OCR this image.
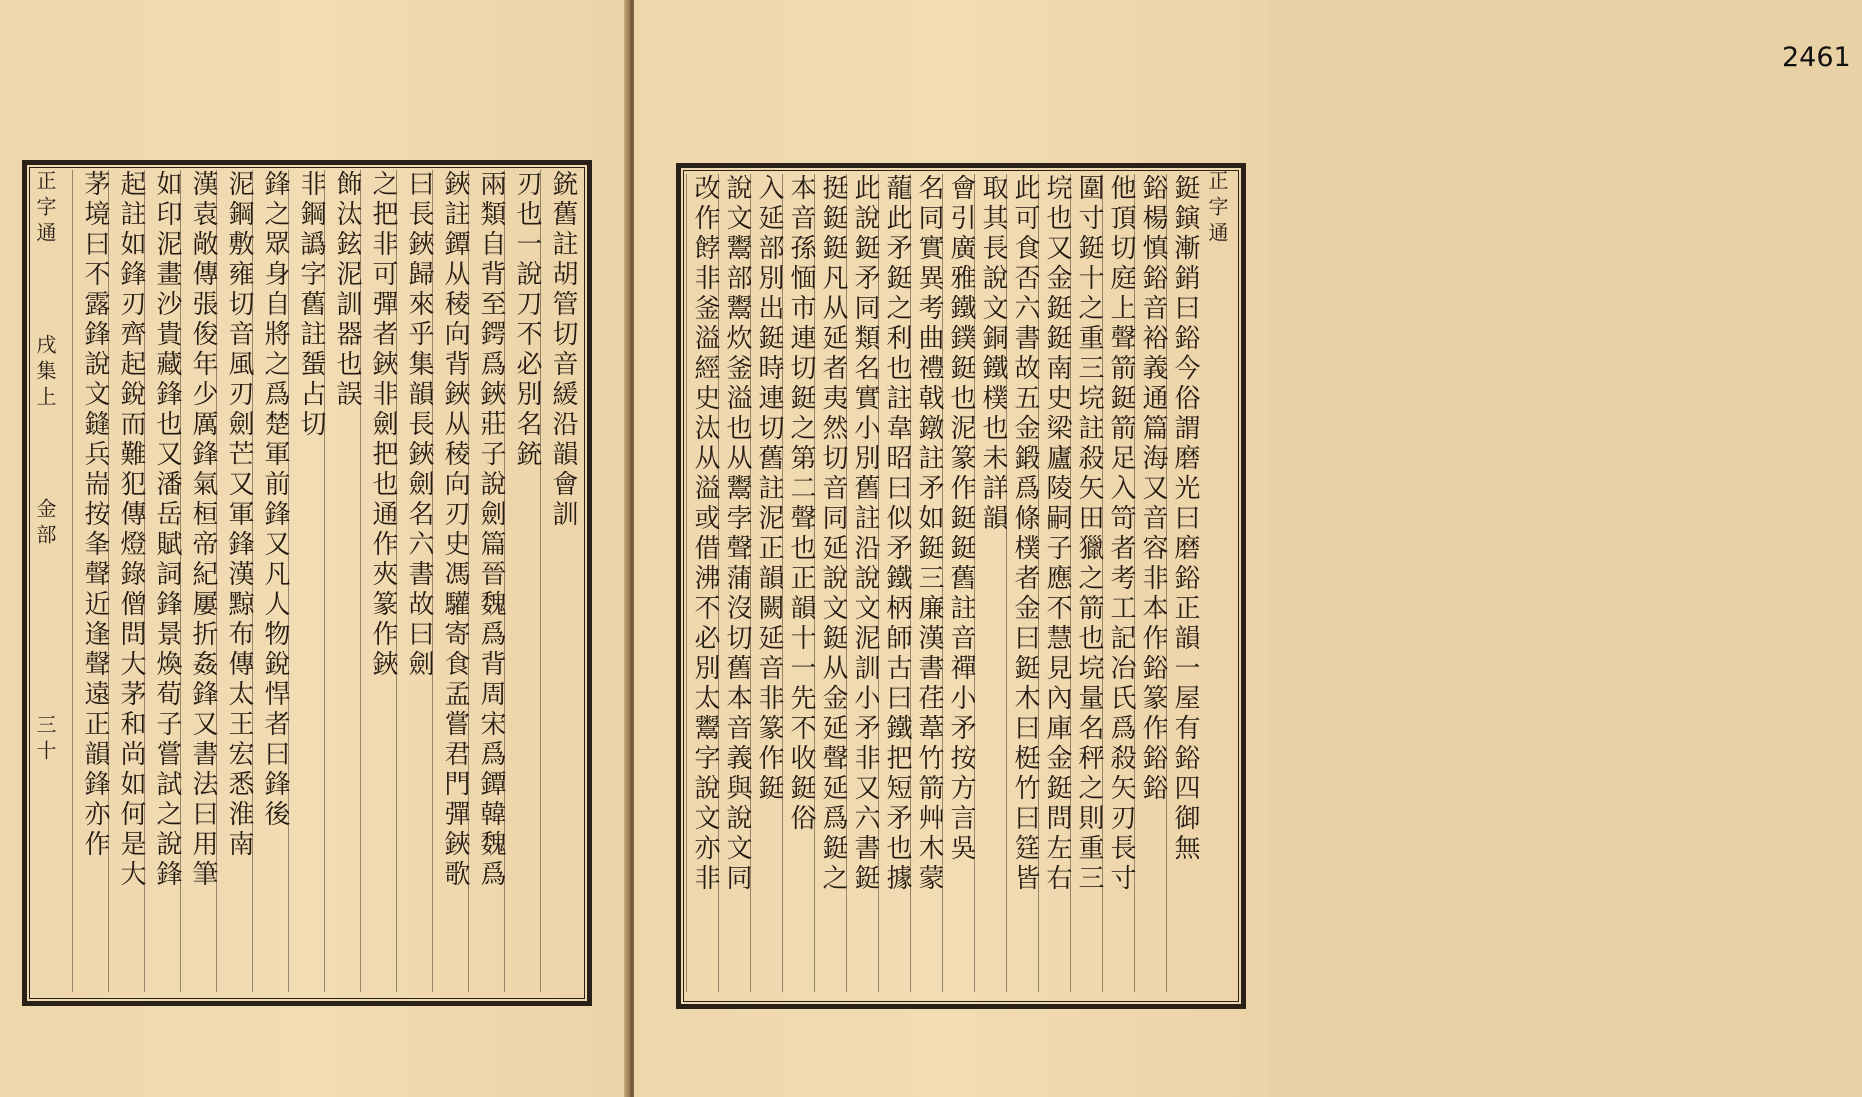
銃舊註胡管切音緩沿韻會訓
刃也一說刀不必別名銃
兩類自背至鍔爲鋏莊子說劍篇晉魏爲背周宋爲鐔韓魏爲
鋏註鐔从稜向背鋏从稜向刃史馮驩寄食孟嘗君門彈鋏歌
曰長鋏歸來乎集韻長鋏劍名六書故曰劍
之把非可彈者鋏非劍把也通作夾篆作鋏
飾汰鉉泥訓器也誤
非鋼譌字舊註蜑占切
鋒之眾身自將之爲楚軍前鋒又凡人物銳悍者曰鋒後
泥鋼敷雍切音風刃劍芒又軍鋒漢黥布傳太王宏悉淮南
漢袁敞傳張俊年少厲鋒氣桓帝紀屢折姦鋒又書法曰用筆
如印泥畫沙貴藏鋒也又潘岳賦詞鋒景煥荀子嘗試之說鋒
起註如鋒刃齊起銳而難犯傳燈錄僧問大茅和尚如何是大
茅境曰不露鋒說文鏠兵耑按夆聲近逢聲遠正韻鋒亦作
正字通 　 戌集上 　 金部 　　　　 三十
2461
鋌鏔漸銷曰鋊今俗謂磨光曰磨鋊正韻一屋有鋊四御無
鋊楊慎鋊音裕義通篇海又音容非本作鋊篆作鋊鋊
他頂切庭上聲箭鋌箭足入笴者考工記冶氏爲殺矢刃長寸
圍寸鋌十之重三垸註殺矢田獵之箭也垸量名秤之則重三
垸也又金鋌鋌南史梁廬陵嗣子應不慧見內庫金鋌問左右
此可食否六書故五金鍛爲條樸者金曰鋌木曰梃竹曰筳皆
取其長說文銅鐵樸也未詳韻
會引廣雅鐵鏷鋌也泥篆作鋌鋌舊註音禪小矛按方言吳
名同實異考曲禮戟鐓註矛如鋌三廉漢書荏葦竹箭艸木蒙
蘢此矛鋌之利也註韋昭曰似矛鐵柄師古曰鐵把短矛也據
此說鋌矛同類名實小別舊註沿說文泥訓小矛非又六書鋌
挺鋌鋌凡从延者夷然切音同延說文鋌从金延聲延爲鋌之
本音孫愐市連切鋌之第二聲也正韻十一先不收鋌俗
入延部別出鋌時連切舊註泥正韻闕延音非篆作鋌
說文鬻部鬻炊釜溢也从鬻孛聲蒲沒切舊本音義與說文同
改作餑非釜溢經史汰从溢或借沸不必別太鬻字說文亦非	正字通
